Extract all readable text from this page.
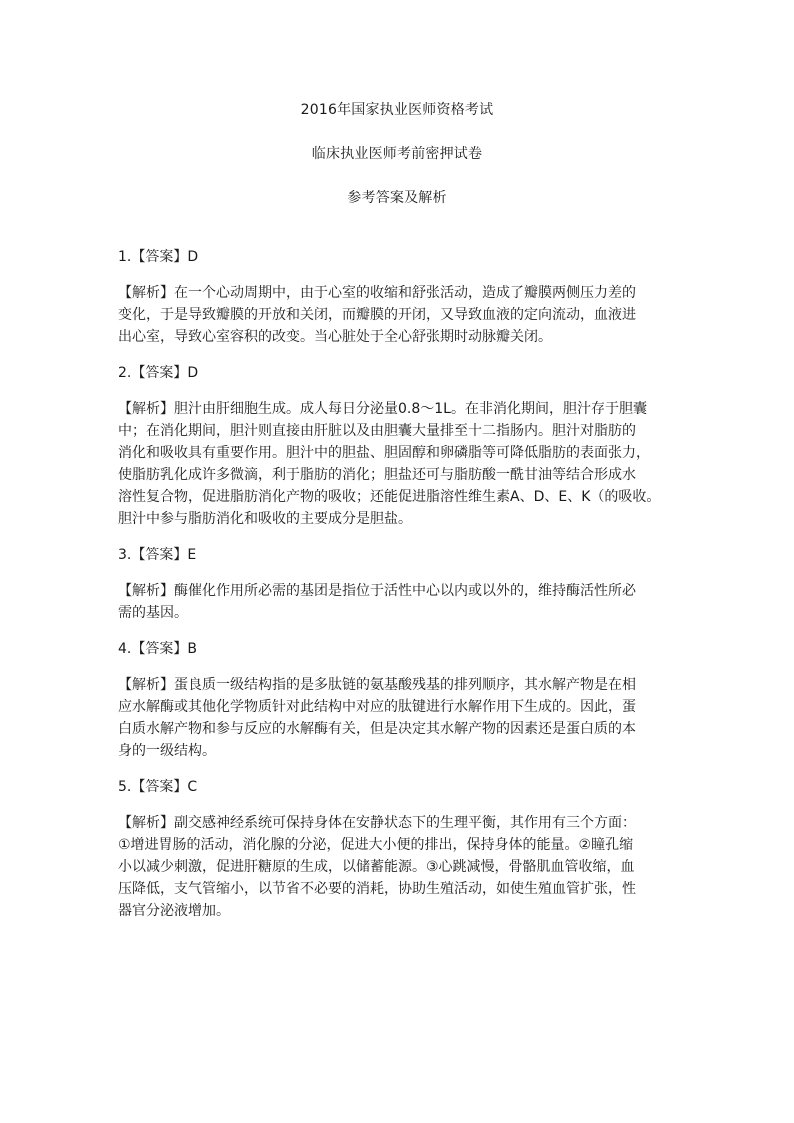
2016年国家执业医师资格考试
临床执业医师考前密押试卷
参考答案及解析
1.【答案】D
【解析】在一个心动周期中，由于心室的收缩和舒张活动，造成了瓣膜两侧压力差的
变化，于是导致瓣膜的开放和关闭，而瓣膜的开闭，又导致血液的定向流动，血液进
出心室，导致心室容积的改变。当心脏处于全心舒张期时动脉瓣关闭。
2.【答案】D
【解析】胆汁由肝细胞生成。成人每日分泌量0.8～1L。在非消化期间，胆汁存于胆囊
中；在消化期间，胆汁则直接由肝脏以及由胆囊大量排至十二指肠内。胆汁对脂肪的
消化和吸收具有重要作用。胆汁中的胆盐、胆固醇和卵磷脂等可降低脂肪的表面张力，
使脂肪乳化成许多微滴，利于脂肪的消化；胆盐还可与脂肪酸一酰甘油等结合形成水
溶性复合物，促进脂肪消化产物的吸收；还能促进脂溶性维生素A、D、E、K（的吸收。
胆汁中参与脂肪消化和吸收的主要成分是胆盐。
3.【答案】E
【解析】酶催化作用所必需的基团是指位于活性中心以内或以外的，维持酶活性所必
需的基因。
4.【答案】B
【解析】蛋良质一级结构指的是多肽链的氨基酸残基的排列顺序，其水解产物是在相
应水解酶或其他化学物质针对此结构中对应的肽键进行水解作用下生成的。因此，蛋
白质水解产物和参与反应的水解酶有关，但是决定其水解产物的因素还是蛋白质的本
身的一级结构。
5.【答案】C
【解析】副交感神经系统可保持身体在安静状态下的生理平衡，其作用有三个方面：
①增进胃肠的活动，消化腺的分泌，促进大小便的排出，保持身体的能量。②瞳孔缩
小以减少刺激，促进肝糖原的生成，以储蓄能源。③心跳减慢，骨骼肌血管收缩，血
压降低，支气管缩小，以节省不必要的消耗，协助生殖活动，如使生殖血管扩张，性
器官分泌液增加。
